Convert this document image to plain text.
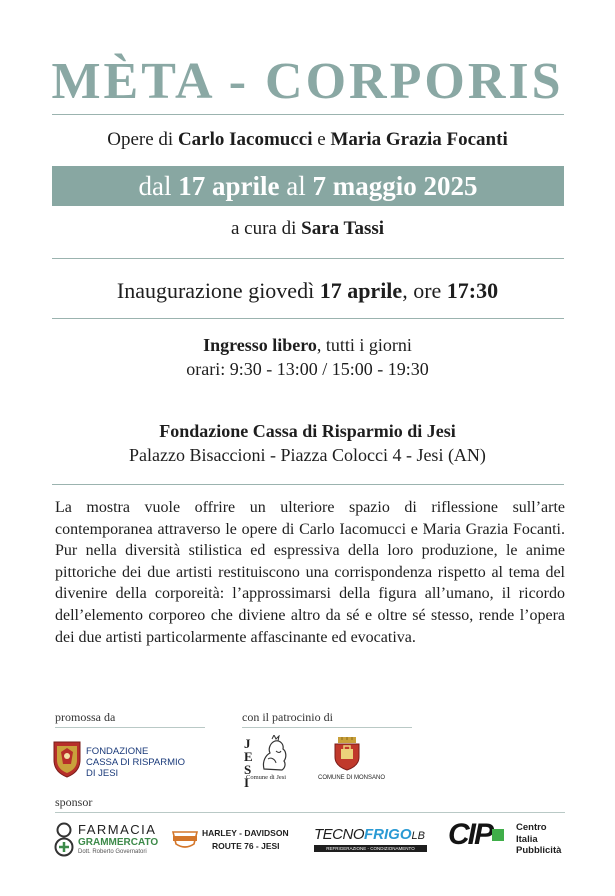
MÈTA - CORPORIS
Opere di Carlo Iacomucci e Maria Grazia Focanti
dal 17 aprile al 7 maggio 2025
a cura di Sara Tassi
Inaugurazione giovedì 17 aprile, ore 17:30
Ingresso libero, tutti i giorni
orari: 9:30 - 13:00 / 15:00 - 19:30
Fondazione Cassa di Risparmio di Jesi
Palazzo Bisaccioni - Piazza Colocci 4 - Jesi (AN)
La mostra vuole offrire un ulteriore spazio di riflessione sull’arte contemporanea attraverso le opere di Carlo Iacomucci e Maria Grazia Focanti. Pur nella diversità stilistica ed espressiva della loro produzione, le anime pittoriche dei due artisti restituiscono una corrispondenza rispetto al tema del divenire della corporeità: l’approssimarsi della figura all’umano, il ricordo dell’elemento corporeo che diviene altro da sé e oltre sé stesso, rende l’opera dei due artisti particolarmente affascinante ed evocativa.
promossa da
FONDAZIONE
CASSA DI RISPARMIO
DI JESI
con il patrocinio di
JESI
Comune di Jesi	COMUNE DI MONSANO
sponsor
FARMACIA
GRAMMERCATO
Dott. Roberto Governatori
HARLEY - DAVIDSON
ROUTE 76 - JESI
TECNOFRIGOLB
REFRIGERAZIONE - CONDIZIONAMENTO	CIP	Centro
Italia
Pubblicità
